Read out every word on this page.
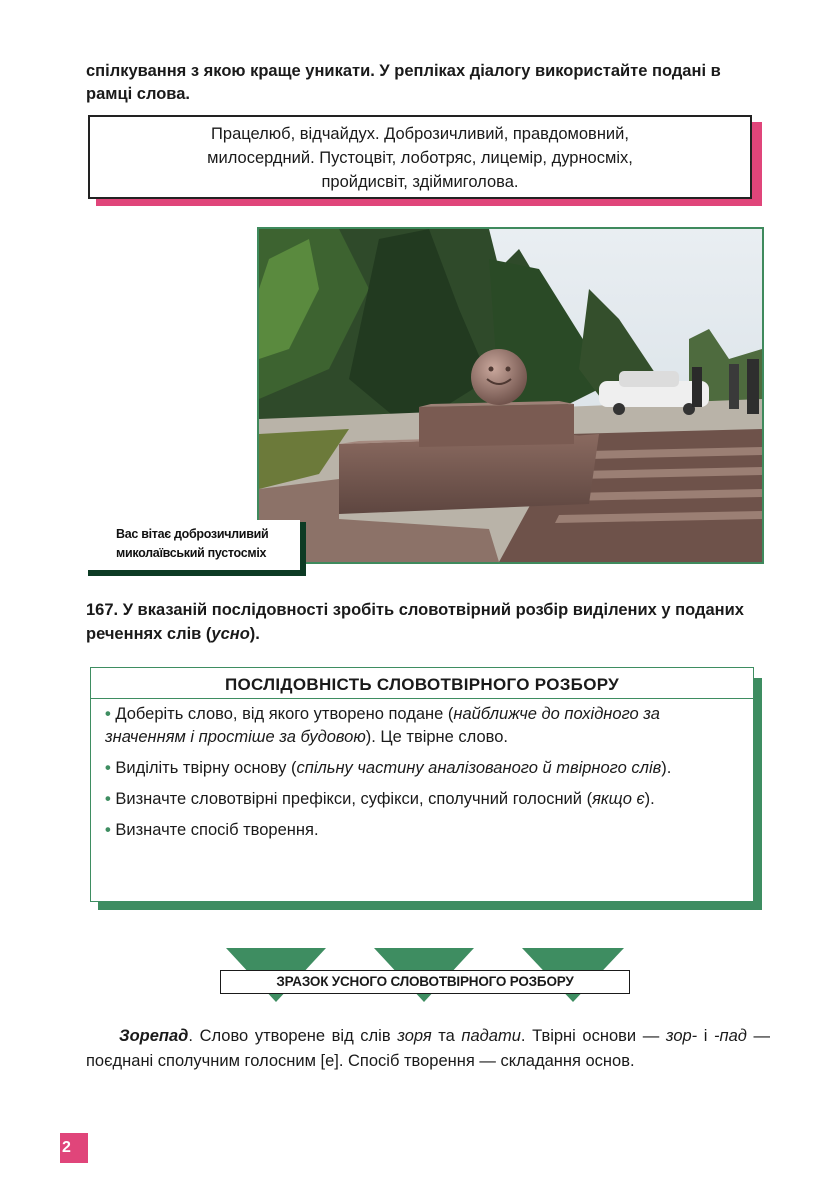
спілкування з якою краще уникати. У репліках діалогу використайте подані в рамці слова.
Працелюб, відчайдух. Доброзичливий, правдомовний,
милосердний. Пустоцвіт, лоботряс, лицемір, дурносміх,
пройдисвіт, здіймиголова.
Вас вітає доброзичливий
миколаївський пустосміх
167. У вказаній послідовності зробіть словотвірний розбір виділених у поданих реченнях слів (усно).
ПОСЛІДОВНІСТЬ СЛОВОТВІРНОГО РОЗБОРУ
• Доберіть слово, від якого утворено подане (найближче до похідного за значенням і простіше за будовою). Це твірне слово.
• Виділіть твірну основу (спільну частину аналізованого й твірного слів).
• Визначте словотвірні префікси, суфікси, сполучний голосний (якщо є).
• Визначте спосіб творення.
ЗРАЗОК УСНОГО СЛОВОТВІРНОГО РОЗБОРУ
Зорепад. Слово утворене від слів зоря та падати. Твірні основи — зор- і -пад — поєднані сполучним голосним [е]. Спосіб творення — складання основ.
2
